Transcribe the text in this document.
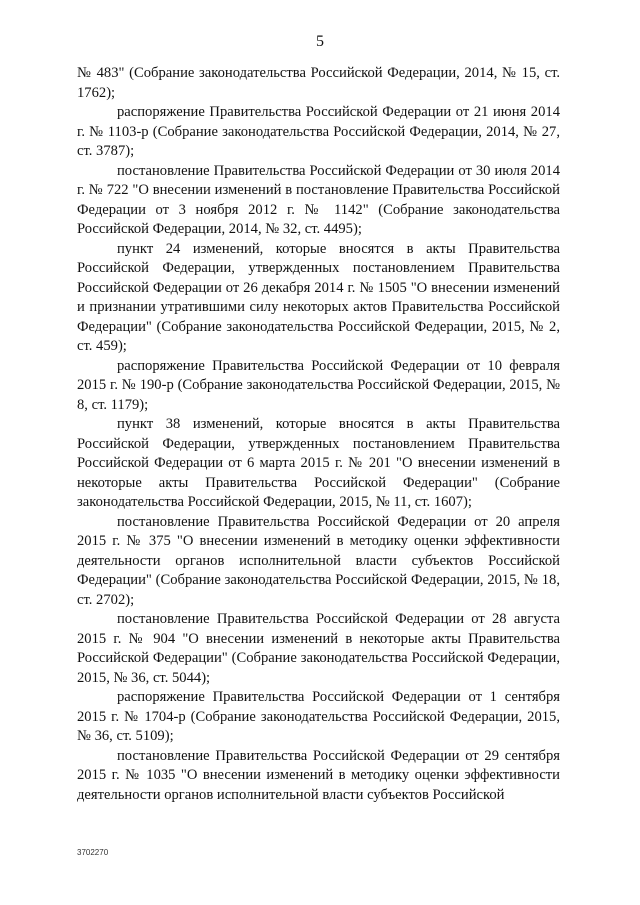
5

№ 483" (Собрание законодательства Российской Федерации, 2014, № 15, ст. 1762);

распоряжение Правительства Российской Федерации от 21 июня 2014 г. № 1103-р (Собрание законодательства Российской Федерации, 2014, № 27, ст. 3787);

постановление Правительства Российской Федерации от 30 июля 2014 г. № 722 "О внесении изменений в постановление Правительства Российской Федерации от 3 ноября 2012 г. № 1142" (Собрание законодательства Российской Федерации, 2014, № 32, ст. 4495);

пункт 24 изменений, которые вносятся в акты Правительства Российской Федерации, утвержденных постановлением Правительства Российской Федерации от 26 декабря 2014 г. № 1505 "О внесении изменений и признании утратившими силу некоторых актов Правительства Российской Федерации" (Собрание законодательства Российской Федерации, 2015, № 2, ст. 459);

распоряжение Правительства Российской Федерации от 10 февраля 2015 г. № 190-р (Собрание законодательства Российской Федерации, 2015, № 8, ст. 1179);

пункт 38 изменений, которые вносятся в акты Правительства Российской Федерации, утвержденных постановлением Правительства Российской Федерации от 6 марта 2015 г. № 201 "О внесении изменений в некоторые акты Правительства Российской Федерации" (Собрание законодательства Российской Федерации, 2015, № 11, ст. 1607);

постановление Правительства Российской Федерации от 20 апреля 2015 г. № 375 "О внесении изменений в методику оценки эффективности деятельности органов исполнительной власти субъектов Российской Федерации" (Собрание законодательства Российской Федерации, 2015, № 18, ст. 2702);

постановление Правительства Российской Федерации от 28 августа 2015 г. № 904 "О внесении изменений в некоторые акты Правительства Российской Федерации" (Собрание законодательства Российской Федерации, 2015, № 36, ст. 5044);

распоряжение Правительства Российской Федерации от 1 сентября 2015 г. № 1704-р (Собрание законодательства Российской Федерации, 2015, № 36, ст. 5109);

постановление Правительства Российской Федерации от 29 сентября 2015 г. № 1035 "О внесении изменений в методику оценки эффективности деятельности органов исполнительной власти субъектов Российской

3702270
